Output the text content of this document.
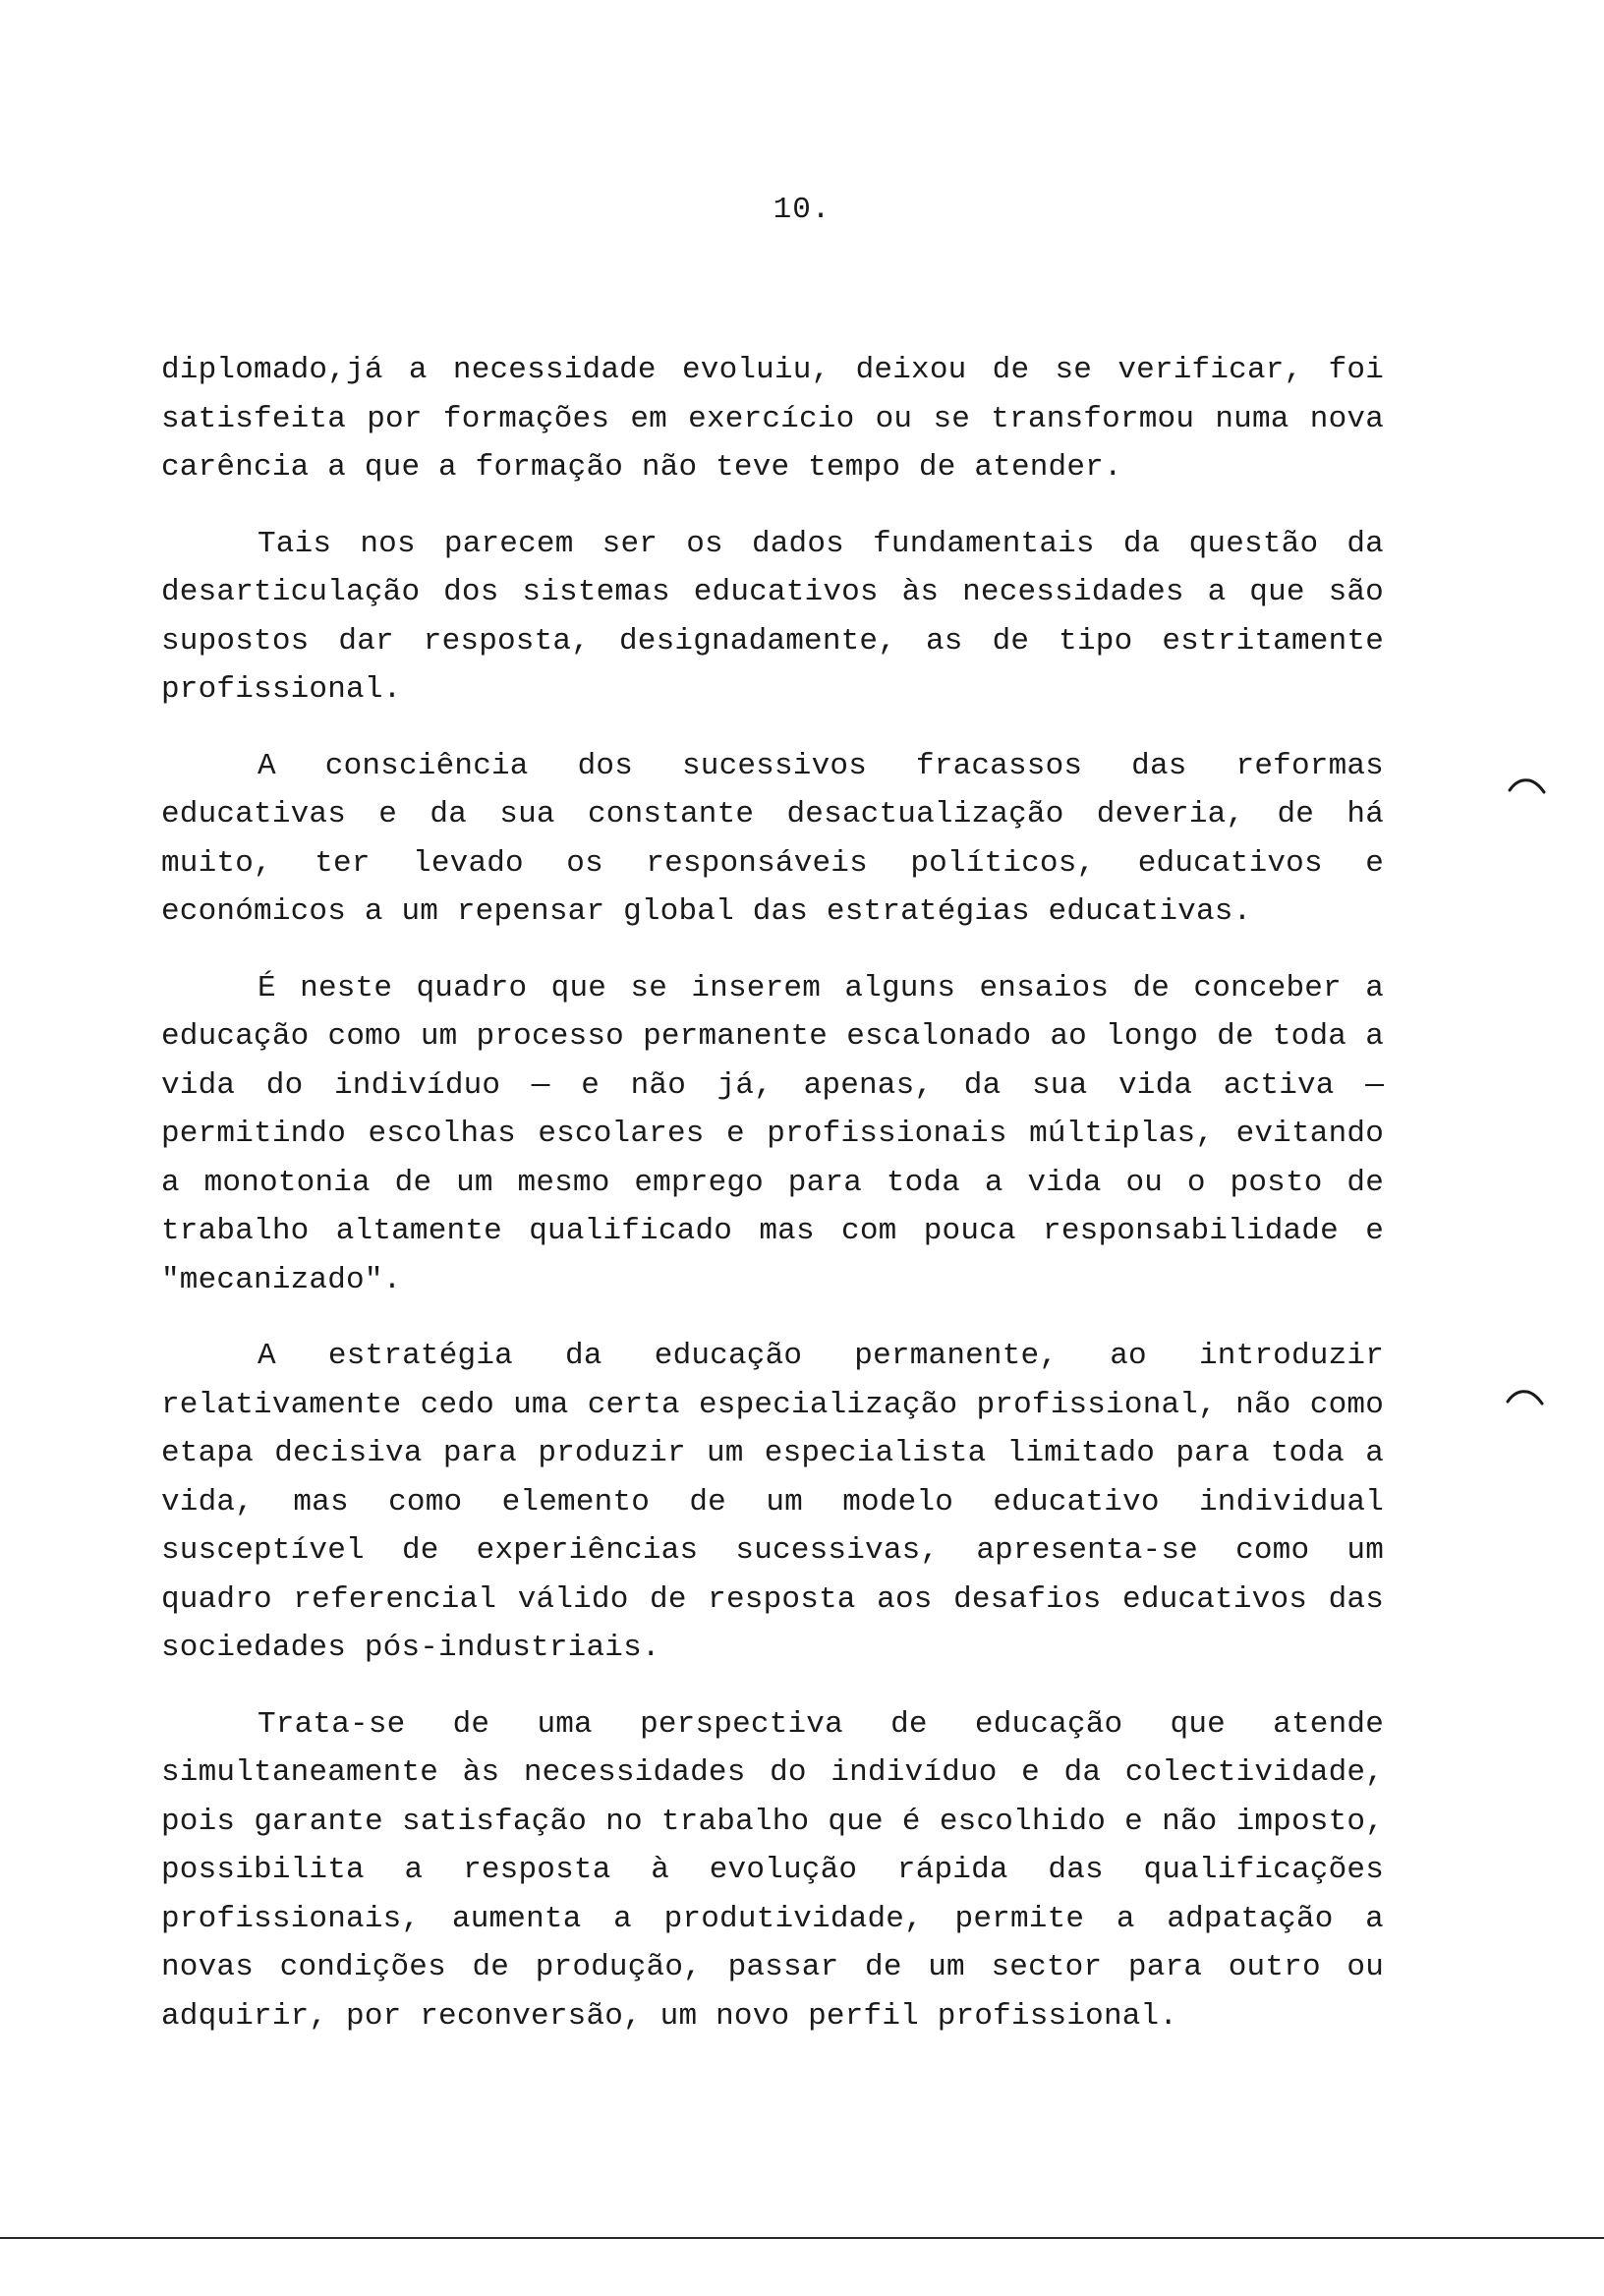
10.

diplomado,já a necessidade evoluiu, deixou de se verificar, foi satisfeita por formações em exercício ou se transformou numa nova carência a que a formação não teve tempo de atender.

Tais nos parecem ser os dados fundamentais da questão da desarticulação dos sistemas educativos às necessidades a que são supostos dar resposta, designadamente, as de tipo estritamente profissional.

A consciência dos sucessivos fracassos das reformas educativas e da sua constante desactualização deveria, de há muito, ter levado os responsáveis políticos, educativos e económicos a um repensar global das estratégias educativas.

É neste quadro que se inserem alguns ensaios de conceber a educação como um processo permanente escalonado ao longo de toda a vida do indivíduo — e não já, apenas, da sua vida activa — permitindo escolhas escolares e profissionais múltiplas, evitando a monotonia de um mesmo emprego para toda a vida ou o posto de trabalho altamente qualificado mas com pouca responsabilidade e "mecanizado".

A estratégia da educação permanente, ao introduzir relativamente cedo uma certa especialização profissional, não como etapa decisiva para produzir um especialista limitado para toda a vida, mas como elemento de um modelo educativo individual susceptível de experiências sucessivas, apresenta-se como um quadro referencial válido de resposta aos desafios educativos das sociedades pós-industriais.

Trata-se de uma perspectiva de educação que atende simultaneamente às necessidades do indivíduo e da colectividade, pois garante satisfação no trabalho que é escolhido e não imposto, possibilita a resposta à evolução rápida das qualificações profissionais, aumenta a produtividade, permite a adpatação a novas condições de produção, passar de um sector para outro ou adquirir, por reconversão, um novo perfil profissional.
